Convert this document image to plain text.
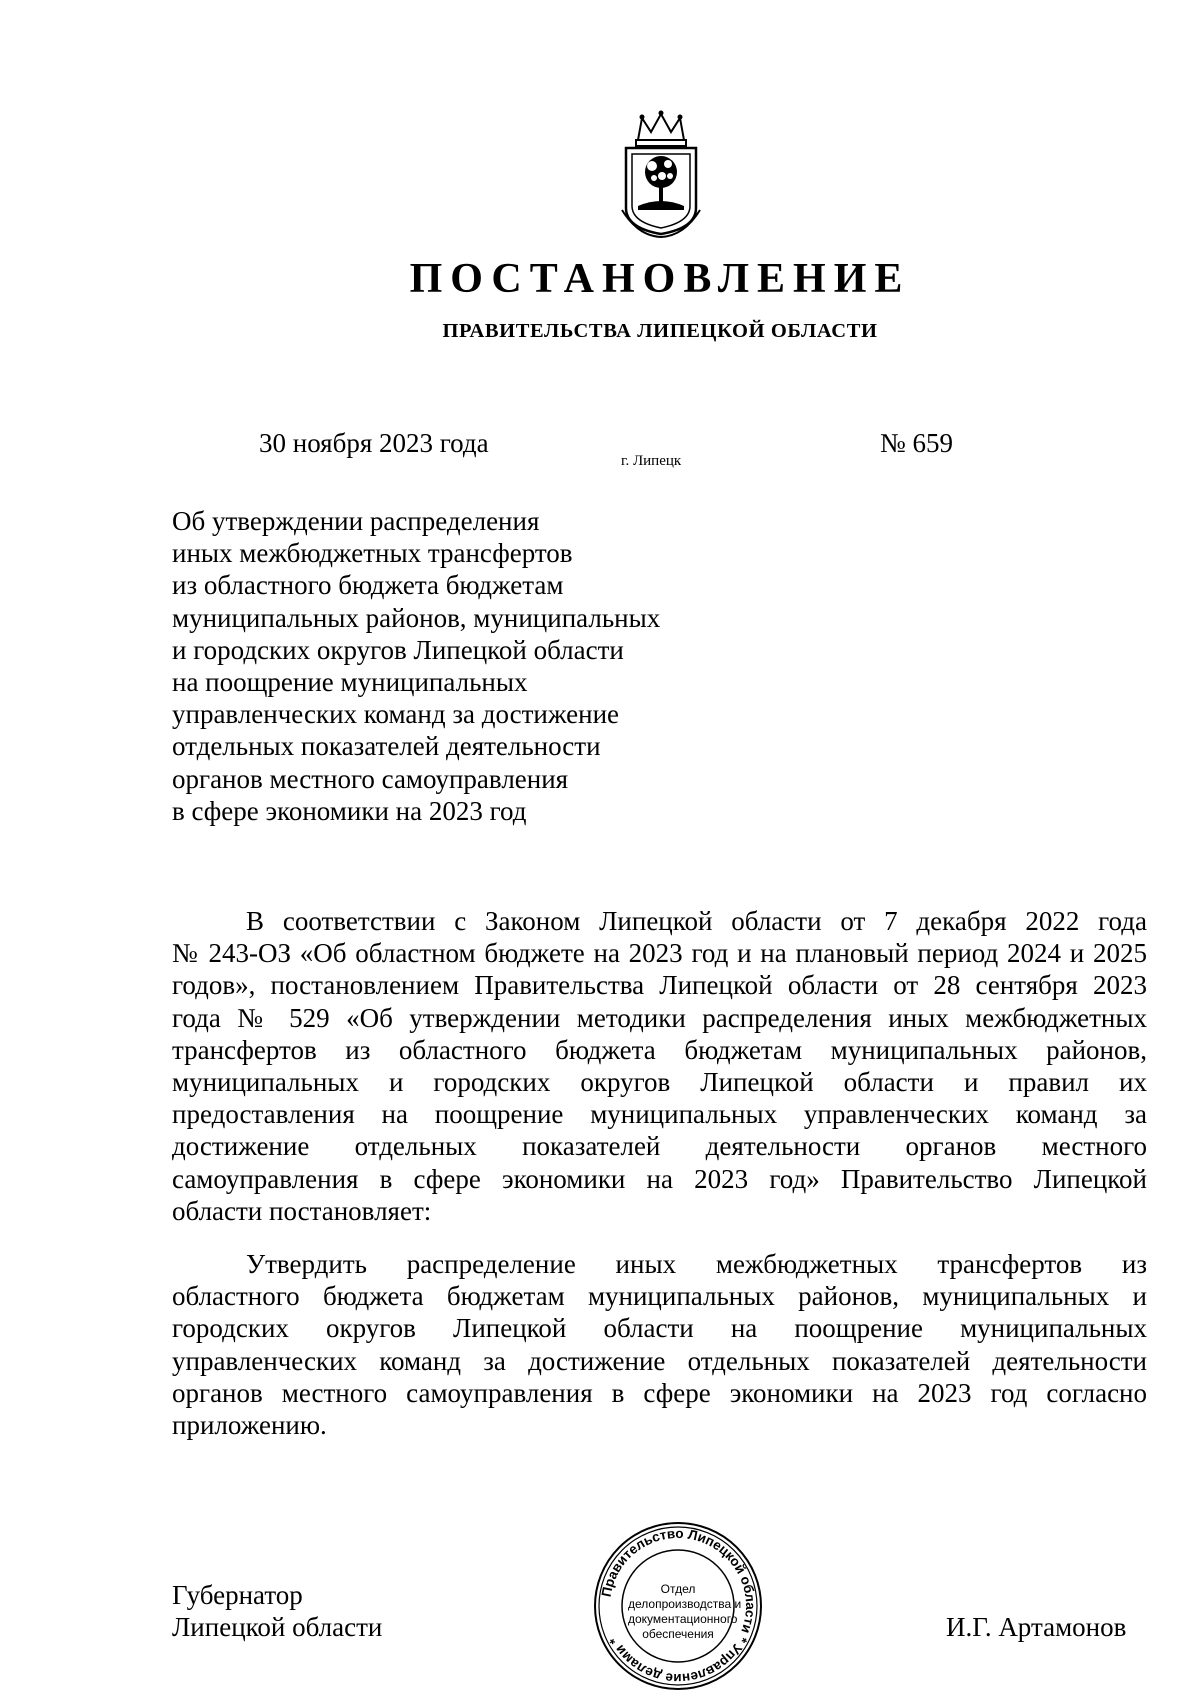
ПОСТАНОВЛЕНИЕ
ПРАВИТЕЛЬСТВА ЛИПЕЦКОЙ ОБЛАСТИ
30 ноября 2023 года
г. Липецк
№ 659
Об утверждении распределения
иных межбюджетных трансфертов
из областного бюджета бюджетам
муниципальных районов, муниципальных
и городских округов Липецкой области
на поощрение муниципальных
управленческих команд за достижение
отдельных показателей деятельности
органов местного самоуправления
в сфере экономики на 2023 год
В соответствии с Законом Липецкой области от 7 декабря 2022 года
№ 243-ОЗ «Об областном бюджете на 2023 год и на плановый период 2024 и 2025
годов», постановлением Правительства Липецкой области от 28 сентября 2023
года № 529 «Об утверждении методики распределения иных межбюджетных
трансфертов из областного бюджета бюджетам муниципальных районов,
муниципальных и городских округов Липецкой области и правил их
предоставления на поощрение муниципальных управленческих команд за
достижение отдельных показателей деятельности органов местного
самоуправления в сфере экономики на 2023 год» Правительство Липецкой
области постановляет:
Утвердить распределение иных межбюджетных трансфертов из
областного бюджета бюджетам муниципальных районов, муниципальных и
городских округов Липецкой области на поощрение муниципальных
управленческих команд за достижение отдельных показателей деятельности
органов местного самоуправления в сфере экономики на 2023 год согласно
приложению.
Губернатор
Липецкой области
Правительство Липецкой области * Управление делами *
Отдел
делопроизводства и
документационного
обеспечения	И.Г. Артамонов
